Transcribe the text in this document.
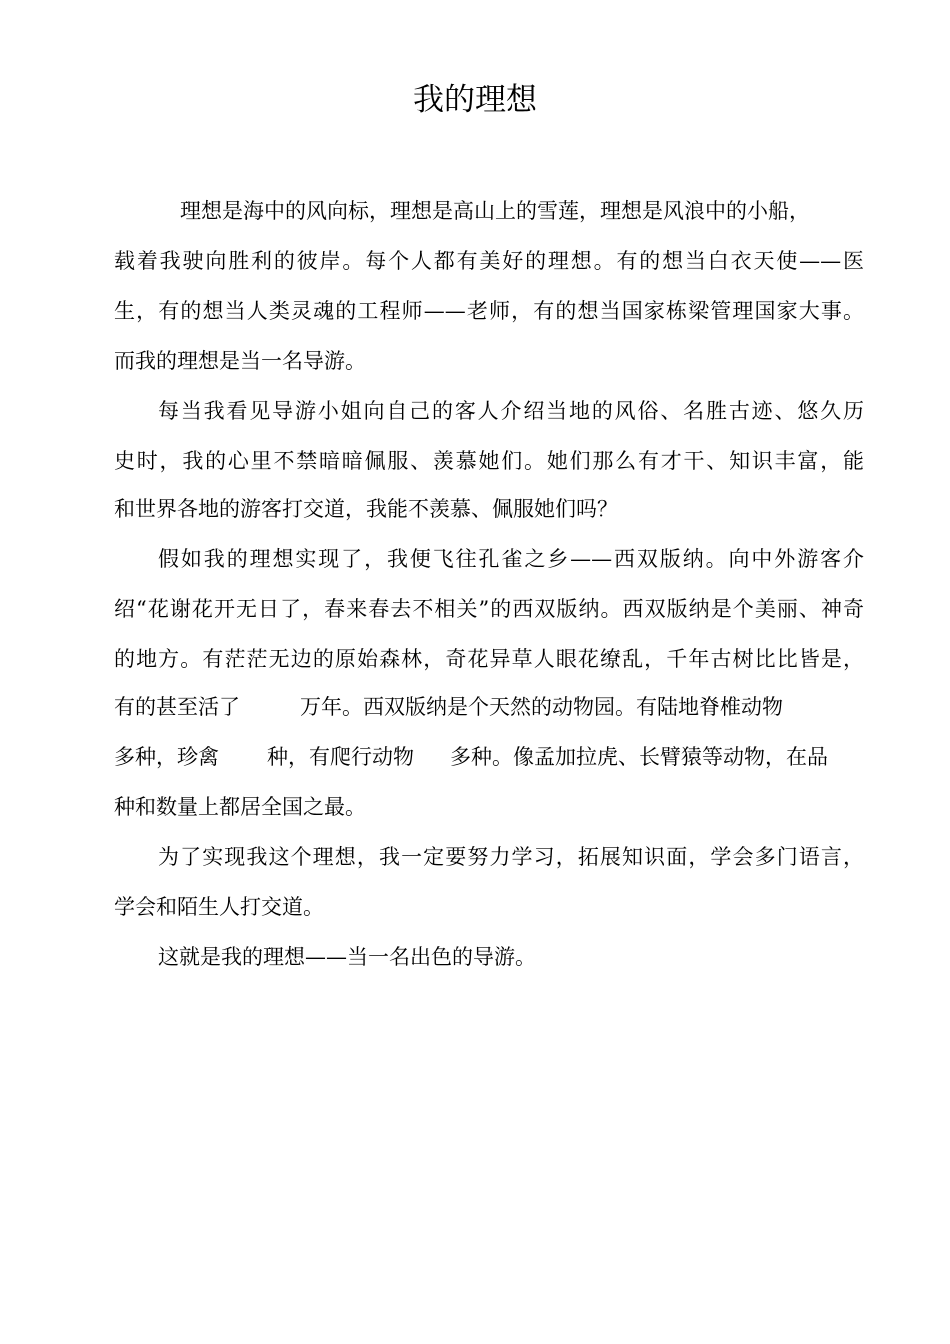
我的理想
理想是海中的风向标，理想是高山上的雪莲，理想是风浪中的小船，
载着我驶向胜利的彼岸。每个人都有美好的理想。有的想当白衣天使——医
生，有的想当人类灵魂的工程师——老师，有的想当国家栋梁管理国家大事。
而我的理想是当一名导游。
每当我看见导游小姐向自己的客人介绍当地的风俗、名胜古迹、悠久历
史时，我的心里不禁暗暗佩服、羡慕她们。她们那么有才干、知识丰富，能
和世界各地的游客打交道，我能不羡慕、佩服她们吗？
假如我的理想实现了，我便飞往孔雀之乡——西双版纳。向中外游客介
绍“花谢花开无日了，春来春去不相关”的西双版纳。西双版纳是个美丽、神奇
的地方。有茫茫无边的原始森林，奇花异草人眼花缭乱，千年古树比比皆是，
有的甚至活了	万年。西双版纳是个天然的动物园。有陆地脊椎动物
多种，珍禽 种，有爬行动物 多种。像孟加拉虎、长臂猿等动物，在品
种和数量上都居全国之最。
为了实现我这个理想，我一定要努力学习，拓展知识面，学会多门语言，
学会和陌生人打交道。
这就是我的理想——当一名出色的导游。
